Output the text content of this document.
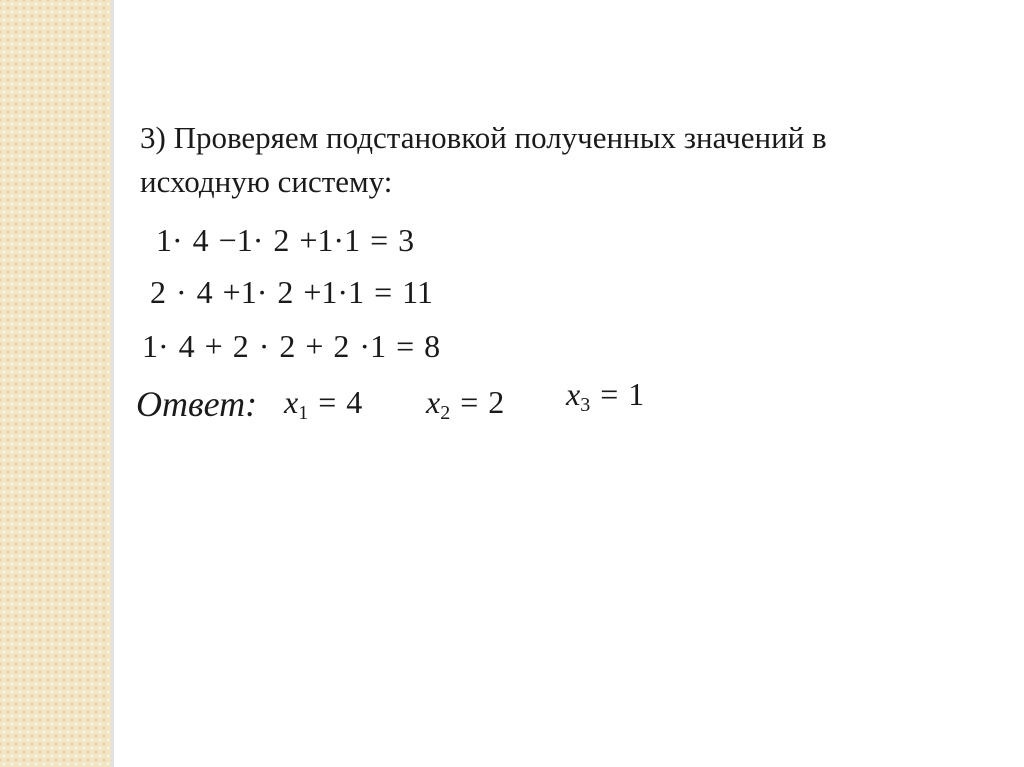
3) Проверяем подстановкой полученных значений в исходную систему:

1· 4 −1· 2 +1·1 = 3
2 · 4 +1· 2 +1·1 = 11
1· 4 + 2 · 2 + 2 ·1 = 8
Ответ: $x_1 = 4$ $x_2 = 2$ $x_3 = 1$
